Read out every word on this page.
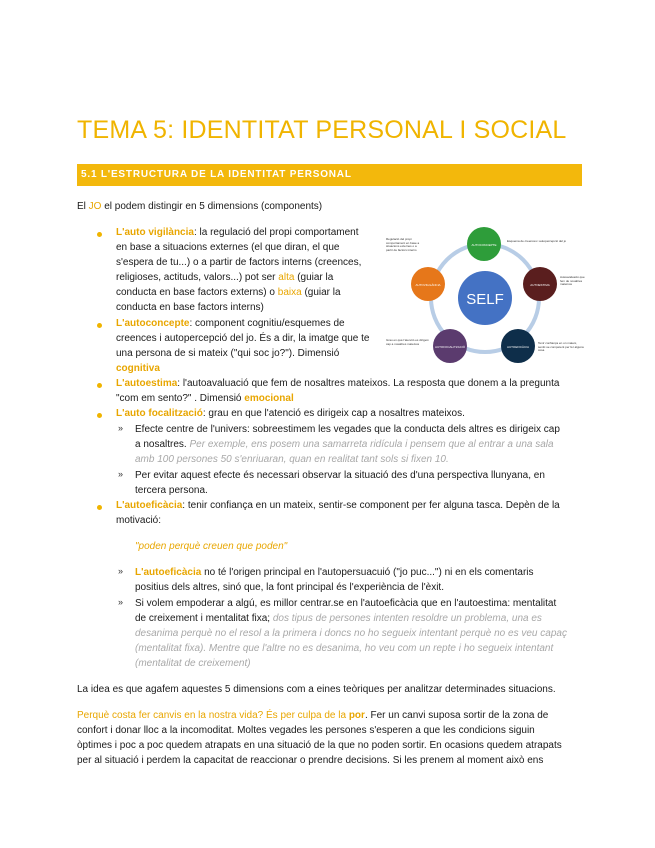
TEMA 5: IDENTITAT PERSONAL I SOCIAL
5.1 L'ESTRUCTURA DE LA IDENTITAT PERSONAL
El JO el podem distingir en 5 dimensions (components)
L'auto vigilància: la regulació del propi comportament
en base a situacions externes (el que diran, el que
s'espera de tu...) o a partir de factors interns (creences,
religioses, actituds, valors...) pot ser alta (guiar la
conducta en base factors externs) o baixa (guiar la
conducta en base factors interns)
L'autoconcepte: component cognitiu/esquemes de
creences i autopercepció del jo. És a dir, la imatge que te
una persona de si mateix ("qui soc jo?"). Dimensió
cognitiva
SELF
AUTOCONCEPTE
AUTOESTIMA
AUTOEFICÀCIA
AUTOFOCALITZACIÓ
AUTOVIGILÀNCIA
Esquema de creences i autopercepció del jo
Regulació del propi comportament en base a situacions externes o a partir de factors interns
Autoavaluació que fem de nosaltres mateixos
Tenir confiança en un mateix, sentir-se competent per fer alguna cosa
Grau en què l'atenció es dirigeix cap a nosaltres mateixos
L'autoestima: l'autoavaluació que fem de nosaltres mateixos. La resposta que donem a la pregunta
"com em sento?" . Dimensió emocional
L'auto focalització: grau en que l'atenció es dirigeix cap a nosaltres mateixos.
» Efecte centre de l'univers: sobreestimem les vegades que la conducta dels altres es dirigeix cap
a nosaltres. Per exemple, ens posem una samarreta ridícula i pensem que al entrar a una sala
amb 100 persones 50 s'enriuaran, quan en realitat tant sols si fixen 10.
» Per evitar aquest efecte és necessari observar la situació des d'una perspectiva llunyana, en
tercera persona.
L'autoeficàcia: tenir confiança en un mateix, sentir-se component per fer alguna tasca. Depèn de la
motivació:
"poden perquè creuen que poden"
» L'autoeficàcia no té l'origen principal en l'autopersuacuió ("jo puc...") ni en els comentaris
positius dels altres, sinó que, la font principal és l'experiència de l'èxit.
» Si volem empoderar a algú, es millor centrar.se en l'autoeficàcia que en l'autoestima: mentalitat
de creixement i mentalitat fixa; dos tipus de persones intenten resoldre un problema, una es
desanima perquè no el resol a la primera i doncs no ho segueix intentant perquè no es veu capaç
(mentalitat fixa). Mentre que l'altre no es desanima, ho veu com un repte i ho segueix intentant
(mentalitat de creixement)
La idea es que agafem aquestes 5 dimensions com a eines teòriques per analitzar determinades situacions.
Perquè costa fer canvis en la nostra vida? És per culpa de la por. Fer un canvi suposa sortir de la zona de
confort i donar lloc a la incomoditat. Moltes vegades les persones s'esperen a que les condicions siguin
òptimes i poc a poc quedem atrapats en una situació de la que no poden sortir. En ocasions quedem atrapats
per al situació i perdem la capacitat de reaccionar o prendre decisions. Si les prenem al moment això ens
